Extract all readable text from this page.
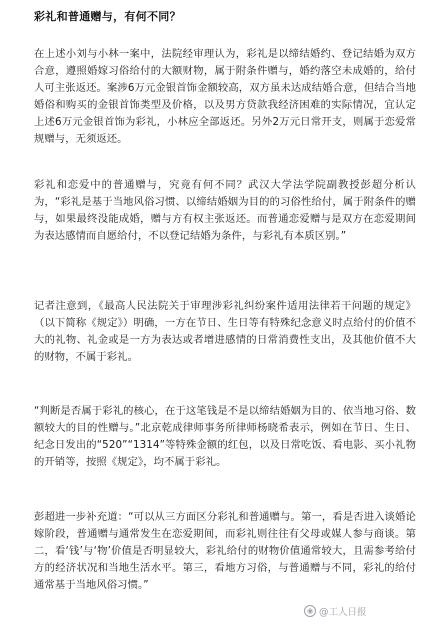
彩礼和普通赠与，有何不同？

在上述小刘与小林一案中，法院经审理认为，彩礼是以缔结婚约、登记结婚为双方合意，遵照婚嫁习俗给付的大额财物，属于附条件赠与，婚约落空未成婚的，给付人可主张返还。案涉6万元金银首饰金额较高，双方虽未达成结婚合意，但结合当地婚俗和购买的金银首饰类型及价格，以及男方贷款我经济困难的实际情况，宜认定上述6万元金银首饰为彩礼，小林应全部返还。另外2万元日常开支，则属于恋爱常规赠与，无须返还。

彩礼和恋爱中的普通赠与，究竟有何不同？武汉大学法学院副教授彭超分析认为，“彩礼是基于当地风俗习惯、以缔结婚姻为目的的习俗性给付，属于附条件的赠与，如果最终没能成婚，赠与方有权主张返还。而普通恋爱赠与是双方在恋爱期间为表达感情而自愿给付，不以登记结婚为条件，与彩礼有本质区别。”

记者注意到，《最高人民法院关于审理涉彩礼纠纷案件适用法律若干问题的规定》（以下简称《规定》）明确，一方在节日、生日等有特殊纪念意义时点给付的价值不大的礼物、礼金或是一方为表达或者增进感情的日常消费性支出，及其他价值不大的财物，不属于彩礼。

“判断是否属于彩礼的核心，在于这笔钱是不是以缔结婚姻为目的、依当地习俗、数额较大的目的性赠与。”北京乾成律师事务所律师杨晓希表示，例如在节日、生日、纪念日发出的“520”“1314”等特殊金额的红包，以及日常吃饭、看电影、买小礼物的开销等，按照《规定》，均不属于彩礼。

彭超进一步补充道：“可以从三方面区分彩礼和普通赠与。第一，看是否进入谈婚论嫁阶段，普通赠与通常发生在恋爱期间，而彩礼则往往有父母或媒人参与商谈。第二，看‘钱’与‘物’价值是否明显较大，彩礼给付的财物价值通常较大，且需参考给付方的经济状况和当地生活水平。第三，看地方习俗，与普通赠与不同，彩礼的给付通常基于当地风俗习惯。”

◉ @工人日报
